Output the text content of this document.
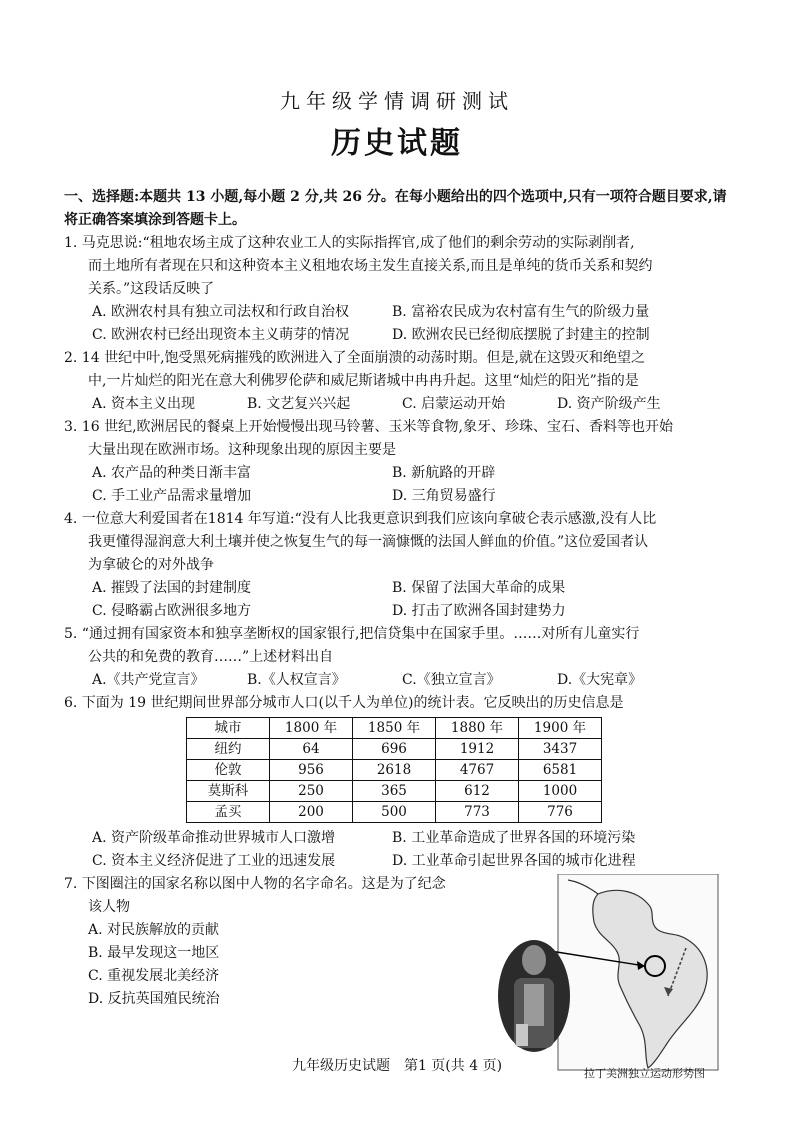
九年级学情调研测试
历史试题
一、选择题:本题共 13 小题,每小题 2 分,共 26 分。在每小题给出的四个选项中,只有一项符合题目要求,请将正确答案填涂到答题卡上。
1. 马克思说:“租地农场主成了这种农业工人的实际指挥官,成了他们的剩余劳动的实际剥削者,
而土地所有者现在只和这种资本主义租地农场主发生直接关系,而且是单纯的货币关系和契约
关系。”这段话反映了
A. 欧洲农村具有独立司法权和行政自治权	B. 富裕农民成为农村富有生气的阶级力量
C. 欧洲农村已经出现资本主义萌芽的情况	D. 欧洲农民已经彻底摆脱了封建主的控制
2. 14 世纪中叶,饱受黑死病摧残的欧洲进入了全面崩溃的动荡时期。但是,就在这毁灭和绝望之
中,一片灿烂的阳光在意大利佛罗伦萨和威尼斯诸城中冉冉升起。这里“灿烂的阳光”指的是
A. 资本主义出现	B. 文艺复兴兴起	C. 启蒙运动开始	D. 资产阶级产生
3. 16 世纪,欧洲居民的餐桌上开始慢慢出现马铃薯、玉米等食物,象牙、珍珠、宝石、香料等也开始
大量出现在欧洲市场。这种现象出现的原因主要是
A. 农产品的种类日渐丰富	B. 新航路的开辟
C. 手工业产品需求量增加	D. 三角贸易盛行
4. 一位意大利爱国者在1814 年写道:“没有人比我更意识到我们应该向拿破仑表示感激,没有人比
我更懂得湿润意大利土壤并使之恢复生气的每一滴慷慨的法国人鲜血的价值。”这位爱国者认
为拿破仑的对外战争
A. 摧毁了法国的封建制度	B. 保留了法国大革命的成果
C. 侵略霸占欧洲很多地方	D. 打击了欧洲各国封建势力
5. “通过拥有国家资本和独享垄断权的国家银行,把信贷集中在国家手里。……对所有儿童实行
公共的和免费的教育……”上述材料出自
A.《共产党宣言》	B.《人权宣言》	C.《独立宣言》	D.《大宪章》
6. 下面为 19 世纪期间世界部分城市人口(以千人为单位)的统计表。它反映出的历史信息是
城市	1800 年	1850 年	1880 年	1900 年
纽约	64	696	1912	3437
伦敦	956	2618	4767	6581
莫斯科	250	365	612	1000
孟买	200	500	773	776
A. 资产阶级革命推动世界城市人口激增	B. 工业革命造成了世界各国的环境污染
C. 资本主义经济促进了工业的迅速发展	D. 工业革命引起世界各国的城市化进程
7. 下图圈注的国家名称以图中人物的名字命名。这是为了纪念
该人物
A. 对民族解放的贡献
B. 最早发现这一地区
C. 重视发展北美经济
D. 反抗英国殖民统治
拉丁美洲独立运动形势图
九年级历史试题　第1 页(共 4 页)
